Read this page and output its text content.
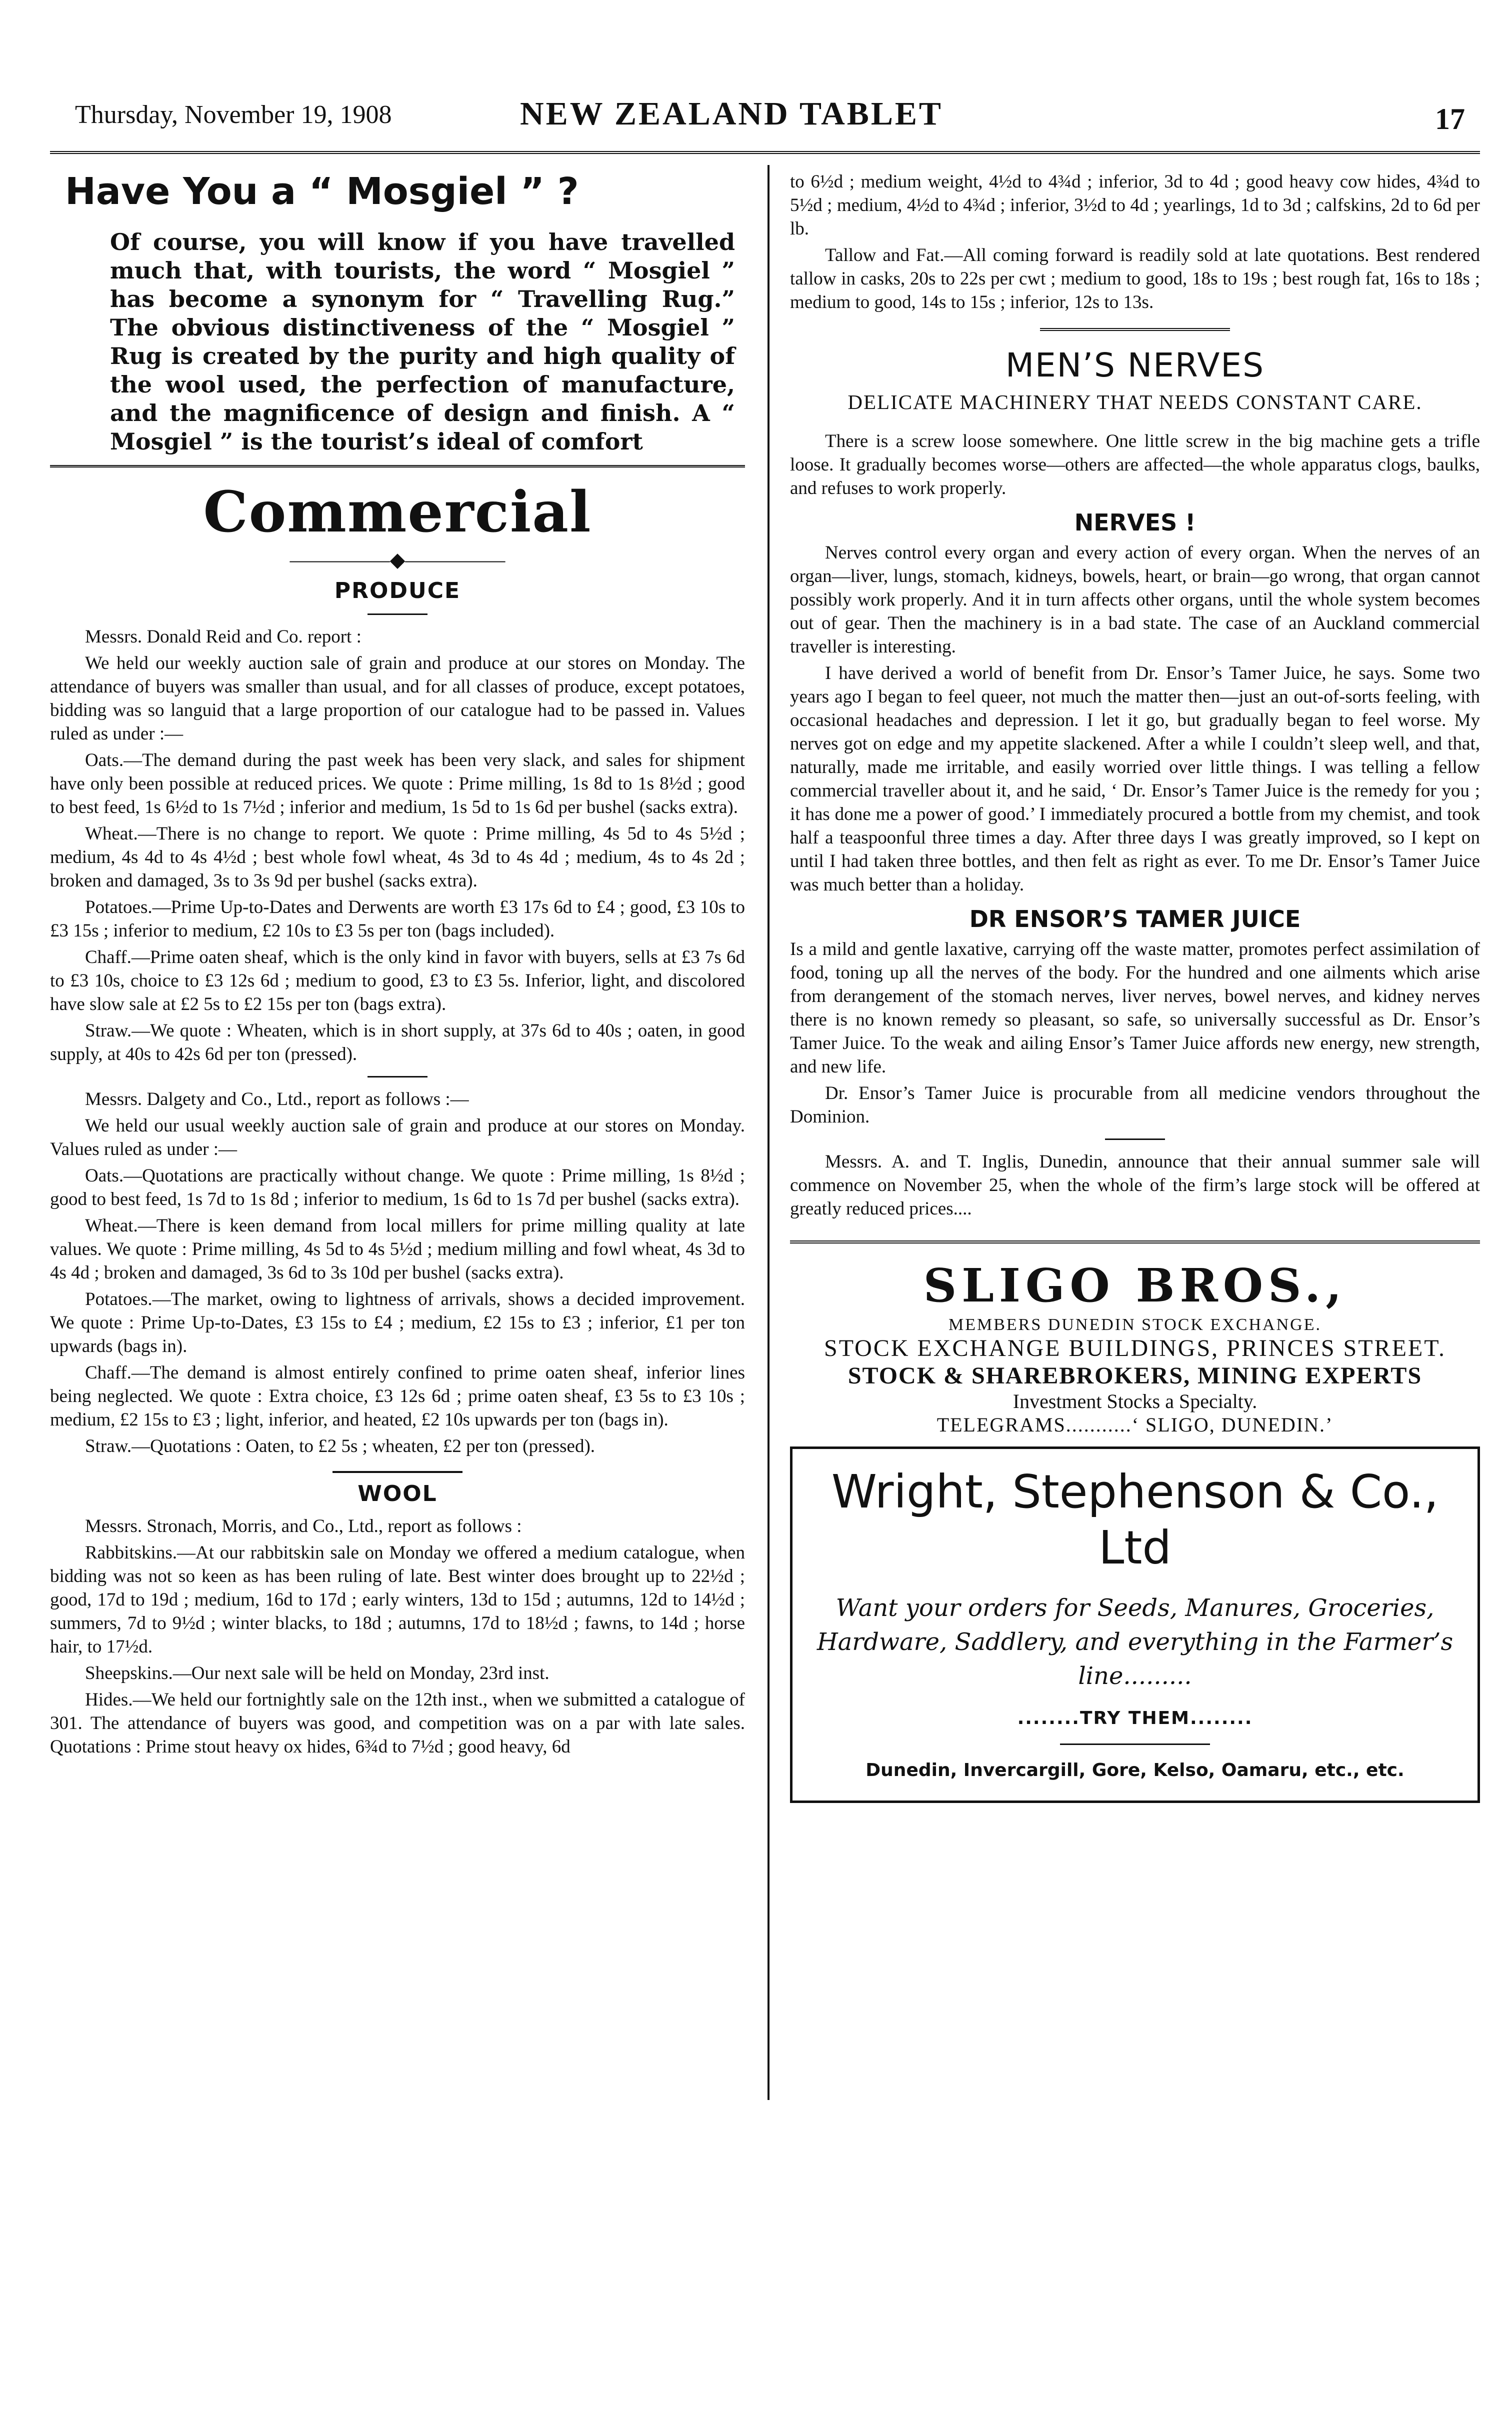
Thursday, November 19, 1908	NEW ZEALAND TABLET	17
Have You a “ Mosgiel ” ?

Of course, you will know if you have travelled much that, with tourists, the word “ Mosgiel ” has become a synonym for “ Travelling Rug.” The obvious distinctiveness of the “ Mosgiel ” Rug is created by the purity and high quality of the wool used, the perfection of manufacture, and the magnificence of design and finish. A “ Mosgiel ” is the tourist’s ideal of comfort

Commercial
―――――◆―――――
PRODUCE

Messrs. Donald Reid and Co. report :

We held our weekly auction sale of grain and produce at our stores on Monday. The attendance of buyers was smaller than usual, and for all classes of produce, except potatoes, bidding was so languid that a large proportion of our catalogue had to be passed in. Values ruled as under :—

Oats.—The demand during the past week has been very slack, and sales for shipment have only been possible at reduced prices. We quote : Prime milling, 1s 8d to 1s 8½d ; good to best feed, 1s 6½d to 1s 7½d ; inferior and medium, 1s 5d to 1s 6d per bushel (sacks extra).

Wheat.—There is no change to report. We quote : Prime milling, 4s 5d to 4s 5½d ; medium, 4s 4d to 4s 4½d ; best whole fowl wheat, 4s 3d to 4s 4d ; medium, 4s to 4s 2d ; broken and damaged, 3s to 3s 9d per bushel (sacks extra).

Potatoes.—Prime Up-to-Dates and Derwents are worth £3 17s 6d to £4 ; good, £3 10s to £3 15s ; inferior to medium, £2 10s to £3 5s per ton (bags included).

Chaff.—Prime oaten sheaf, which is the only kind in favor with buyers, sells at £3 7s 6d to £3 10s, choice to £3 12s 6d ; medium to good, £3 to £3 5s. Inferior, light, and discolored have slow sale at £2 5s to £2 15s per ton (bags extra).

Straw.—We quote : Wheaten, which is in short supply, at 37s 6d to 40s ; oaten, in good supply, at 40s to 42s 6d per ton (pressed).

Messrs. Dalgety and Co., Ltd., report as follows :—

We held our usual weekly auction sale of grain and produce at our stores on Monday. Values ruled as under :—

Oats.—Quotations are practically without change. We quote : Prime milling, 1s 8½d ; good to best feed, 1s 7d to 1s 8d ; inferior to medium, 1s 6d to 1s 7d per bushel (sacks extra).

Wheat.—There is keen demand from local millers for prime milling quality at late values. We quote : Prime milling, 4s 5d to 4s 5½d ; medium milling and fowl wheat, 4s 3d to 4s 4d ; broken and damaged, 3s 6d to 3s 10d per bushel (sacks extra).

Potatoes.—The market, owing to lightness of arrivals, shows a decided improvement. We quote : Prime Up-to-Dates, £3 15s to £4 ; medium, £2 15s to £3 ; inferior, £1 per ton upwards (bags in).

Chaff.—The demand is almost entirely confined to prime oaten sheaf, inferior lines being neglected. We quote : Extra choice, £3 12s 6d ; prime oaten sheaf, £3 5s to £3 10s ; medium, £2 15s to £3 ; light, inferior, and heated, £2 10s upwards per ton (bags in).

Straw.—Quotations : Oaten, to £2 5s ; wheaten, £2 per ton (pressed).

WOOL

Messrs. Stronach, Morris, and Co., Ltd., report as follows :

Rabbitskins.—At our rabbitskin sale on Monday we offered a medium catalogue, when bidding was not so keen as has been ruling of late. Best winter does brought up to 22½d ; good, 17d to 19d ; medium, 16d to 17d ; early winters, 13d to 15d ; autumns, 12d to 14½d ; summers, 7d to 9½d ; winter blacks, to 18d ; autumns, 17d to 18½d ; fawns, to 14d ; horse hair, to 17½d.

Sheepskins.—Our next sale will be held on Monday, 23rd inst.

Hides.—We held our fortnightly sale on the 12th inst., when we submitted a catalogue of 301. The attendance of buyers was good, and competition was on a par with late sales. Quotations : Prime stout heavy ox hides, 6¾d to 7½d ; good heavy, 6d

to 6½d ; medium weight, 4½d to 4¾d ; inferior, 3d to 4d ; good heavy cow hides, 4¾d to 5½d ; medium, 4½d to 4¾d ; inferior, 3½d to 4d ; yearlings, 1d to 3d ; calfskins, 2d to 6d per lb.

Tallow and Fat.—All coming forward is readily sold at late quotations. Best rendered tallow in casks, 20s to 22s per cwt ; medium to good, 18s to 19s ; best rough fat, 16s to 18s ; medium to good, 14s to 15s ; inferior, 12s to 13s.

MEN’S NERVES
DELICATE MACHINERY THAT NEEDS CONSTANT CARE.

There is a screw loose somewhere. One little screw in the big machine gets a trifle loose. It gradually becomes worse—others are affected—the whole apparatus clogs, baulks, and refuses to work properly.

NERVES !

Nerves control every organ and every action of every organ. When the nerves of an organ—liver, lungs, stomach, kidneys, bowels, heart, or brain—go wrong, that organ cannot possibly work properly. And it in turn affects other organs, until the whole system becomes out of gear. Then the machinery is in a bad state. The case of an Auckland commercial traveller is interesting.

I have derived a world of benefit from Dr. Ensor’s Tamer Juice, he says. Some two years ago I began to feel queer, not much the matter then—just an out-of-sorts feeling, with occasional headaches and depression. I let it go, but gradually began to feel worse. My nerves got on edge and my appetite slackened. After a while I couldn’t sleep well, and that, naturally, made me irritable, and easily worried over little things. I was telling a fellow commercial traveller about it, and he said, ‘ Dr. Ensor’s Tamer Juice is the remedy for you ; it has done me a power of good.’ I immediately procured a bottle from my chemist, and took half a teaspoonful three times a day. After three days I was greatly improved, so I kept on until I had taken three bottles, and then felt as right as ever. To me Dr. Ensor’s Tamer Juice was much better than a holiday.

DR ENSOR’S TAMER JUICE

Is a mild and gentle laxative, carrying off the waste matter, promotes perfect assimilation of food, toning up all the nerves of the body. For the hundred and one ailments which arise from derangement of the stomach nerves, liver nerves, bowel nerves, and kidney nerves there is no known remedy so pleasant, so safe, so universally successful as Dr. Ensor’s Tamer Juice. To the weak and ailing Ensor’s Tamer Juice affords new energy, new strength, and new life.

Dr. Ensor’s Tamer Juice is procurable from all medicine vendors throughout the Dominion.

Messrs. A. and T. Inglis, Dunedin, announce that their annual summer sale will commence on November 25, when the whole of the firm’s large stock will be offered at greatly reduced prices....

SLIGO BROS.,
MEMBERS DUNEDIN STOCK EXCHANGE.
STOCK EXCHANGE BUILDINGS, PRINCES STREET.
STOCK & SHAREBROKERS, MINING EXPERTS
Investment Stocks a Specialty.
TELEGRAMS...........‘ SLIGO, DUNEDIN.’
Wright, Stephenson & Co.,
Ltd
Want your orders for Seeds, Manures, Groceries, Hardware, Saddlery, and everything in the Farmer’s line.........
........TRY THEM........
Dunedin, Invercargill, Gore, Kelso, Oamaru, etc., etc.
